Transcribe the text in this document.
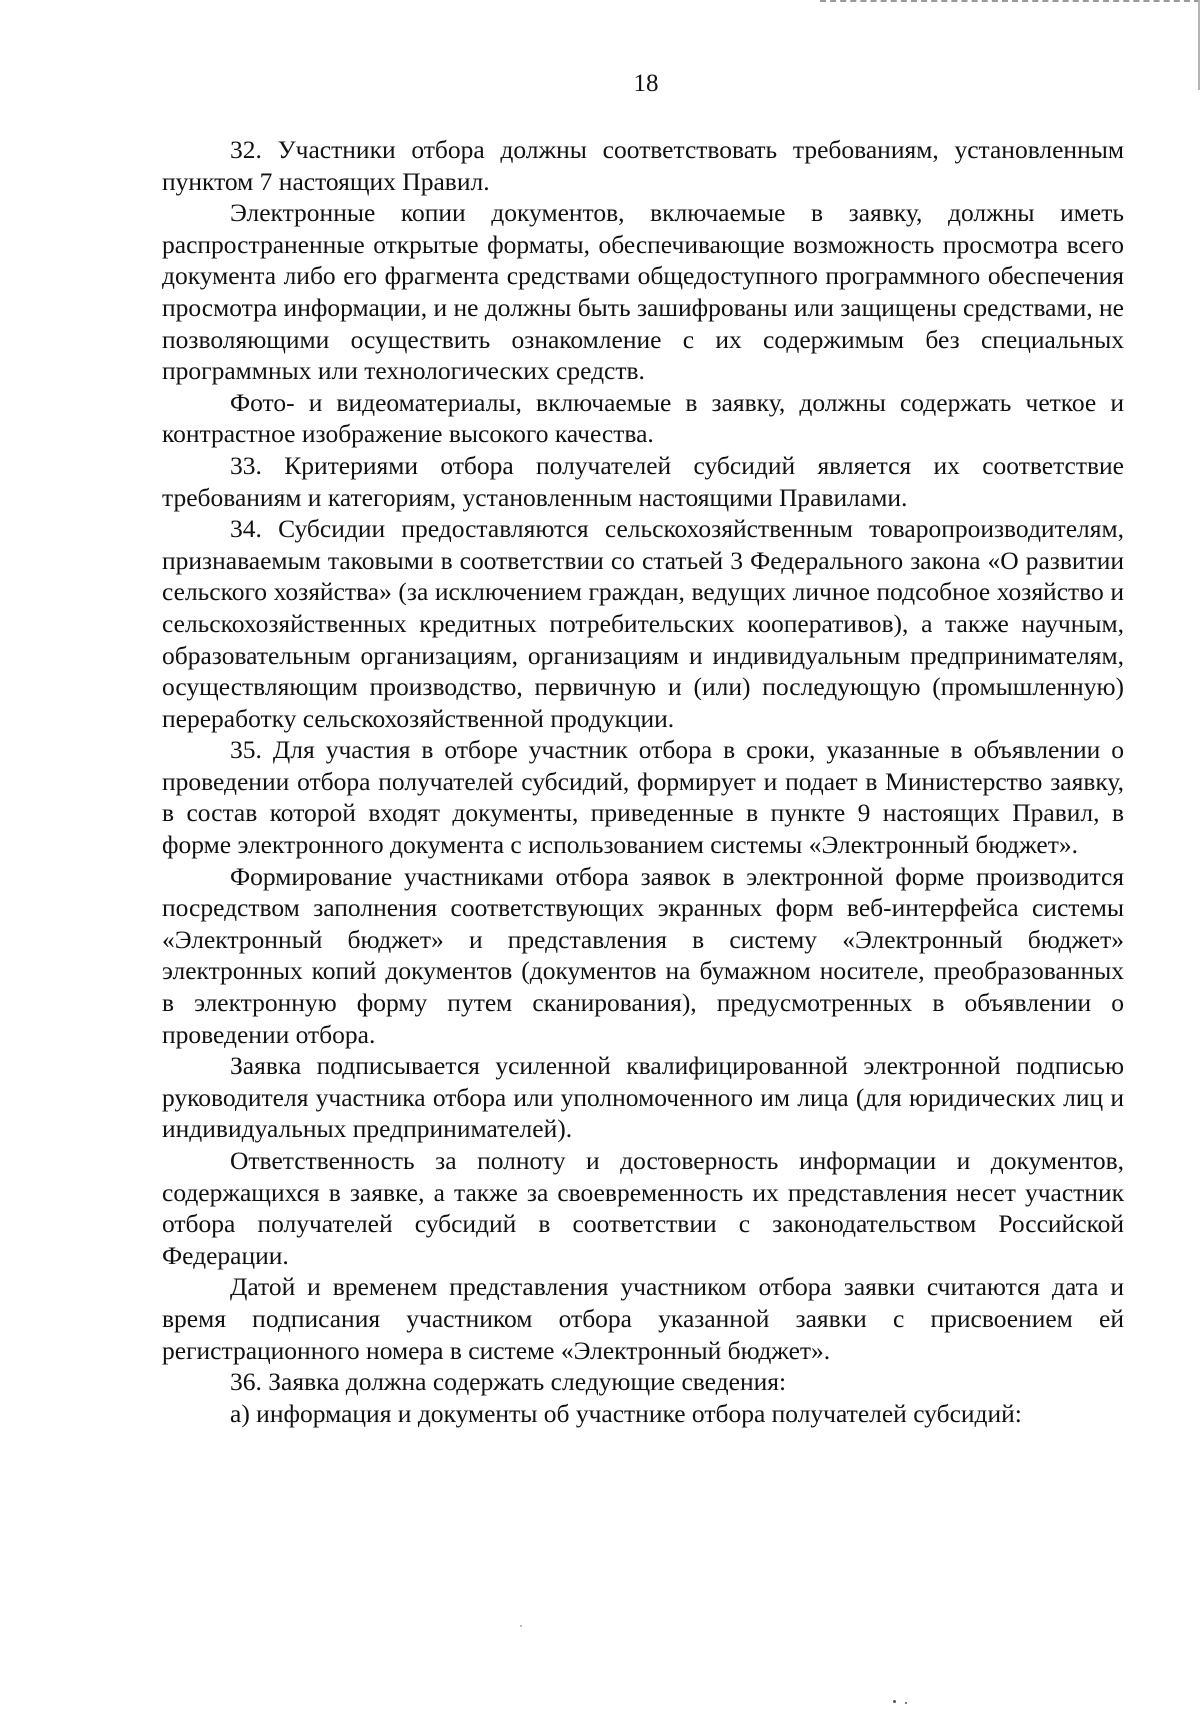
18

32. Участники отбора должны соответствовать требованиям, установленным пунктом 7 настоящих Правил.

Электронные копии документов, включаемые в заявку, должны иметь распространенные открытые форматы, обеспечивающие возможность просмотра всего документа либо его фрагмента средствами общедоступного программного обеспечения просмотра информации, и не должны быть зашифрованы или защищены средствами, не позволяющими осуществить ознакомление с их содержимым без специальных программных или технологических средств.

Фото- и видеоматериалы, включаемые в заявку, должны содержать четкое и контрастное изображение высокого качества.

33. Критериями отбора получателей субсидий является их соответствие требованиям и категориям, установленным настоящими Правилами.

34. Субсидии предоставляются сельскохозяйственным товаропроизводителям, признаваемым таковыми в соответствии со статьей 3 Федерального закона «О развитии сельского хозяйства» (за исключением граждан, ведущих личное подсобное хозяйство и сельскохозяйственных кредитных потребительских кооперативов), а также научным, образовательным организациям, организациям и индивидуальным предпринимателям, осуществляющим производство, первичную и (или) последующую (промышленную) переработку сельскохозяйственной продукции.

35. Для участия в отборе участник отбора в сроки, указанные в объявлении о проведении отбора получателей субсидий, формирует и подает в Министерство заявку, в состав которой входят документы, приведенные в пункте 9 настоящих Правил, в форме электронного документа с использованием системы «Электронный бюджет».

Формирование участниками отбора заявок в электронной форме производится посредством заполнения соответствующих экранных форм веб-интерфейса системы «Электронный бюджет» и представления в систему «Электронный бюджет» электронных копий документов (документов на бумажном носителе, преобразованных в электронную форму путем сканирования), предусмотренных в объявлении о проведении отбора.

Заявка подписывается усиленной квалифицированной электронной подписью руководителя участника отбора или уполномоченного им лица (для юридических лиц и индивидуальных предпринимателей).

Ответственность за полноту и достоверность информации и документов, содержащихся в заявке, а также за своевременность их представления несет участник отбора получателей субсидий в соответствии с законодательством Российской Федерации.

Датой и временем представления участником отбора заявки считаются дата и время подписания участником отбора указанной заявки с присвоением ей регистрационного номера в системе «Электронный бюджет».

36. Заявка должна содержать следующие сведения:

а) информация и документы об участнике отбора получателей субсидий:
